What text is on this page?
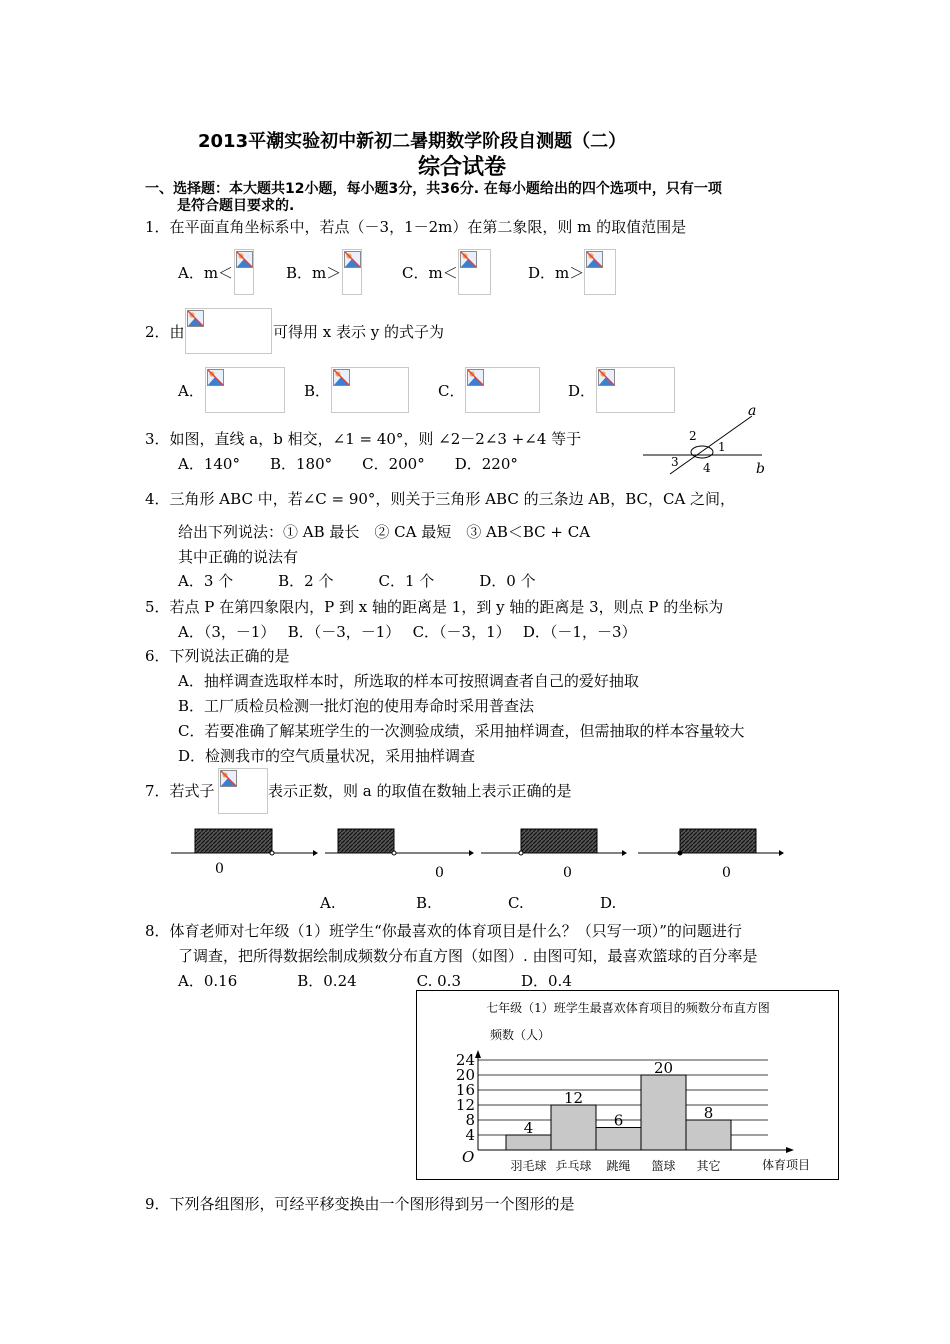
2013平潮实验初中新初二暑期数学阶段自测题（二）
综合试卷
一、选择题：本大题共12小题，每小题3分，共36分. 在每小题给出的四个选项中，只有一项
是符合题目要求的.
1．在平面直角坐标系中，若点（－3，1－2m）在第二象限，则 m 的取值范围是
A．m＜	B．m＞	C．m＜	D．m＞
2．由	可得用 x 表示 y 的式子为
A．	B．	C．	D．
3．如图，直线 a，b 相交，∠1 = 40°，则 ∠2－2∠3 +∠4 等于
A．140°　　B．180°　　C．200°　　D．220°
a
b
1
2
3 4
4．三角形 ABC 中，若∠C = 90°，则关于三角形 ABC 的三条边 AB，BC，CA 之间，
给出下列说法：① AB 最长　② CA 最短　③ AB＜BC + CA
其中正确的说法有
A．3 个　　　B．2 个　　　C．1 个　　　D．0 个
5．若点 P 在第四象限内，P 到 x 轴的距离是 1，到 y 轴的距离是 3，则点 P 的坐标为
A．（3，－1）　 B．（－3，－1）　 C．（－3，1）　 D．（－1，－3）
6．下列说法正确的是
A．抽样调查选取样本时，所选取的样本可按照调查者自己的爱好抽取
B．工厂质检员检测一批灯泡的使用寿命时采用普查法
C．若要准确了解某班学生的一次测验成绩，采用抽样调查，但需抽取的样本容量较大
D．检测我市的空气质量状况，采用抽样调查
7．若式子	表示正数，则 a 的取值在数轴上表示正确的是
0	0	0	0
A.	B.	C.	D.
8．体育老师对七年级（1）班学生“你最喜欢的体育项目是什么？（只写一项）”的问题进行
了调查，把所得数据绘制成频数分布直方图（如图）. 由图可知，最喜欢篮球的百分率是
A．0.16　　　　B．0.24　　　　C. 0.3　　　　D．0.4
七年级（1）班学生最喜欢体育项目的频数分布直方图
频数（人）
4
12
6
20
8
4
8
12
16
20
24
羽毛球 乒乓球 跳绳 篮球 其它
O	体育项目
9．下列各组图形，可经平移变换由一个图形得到另一个图形的是
